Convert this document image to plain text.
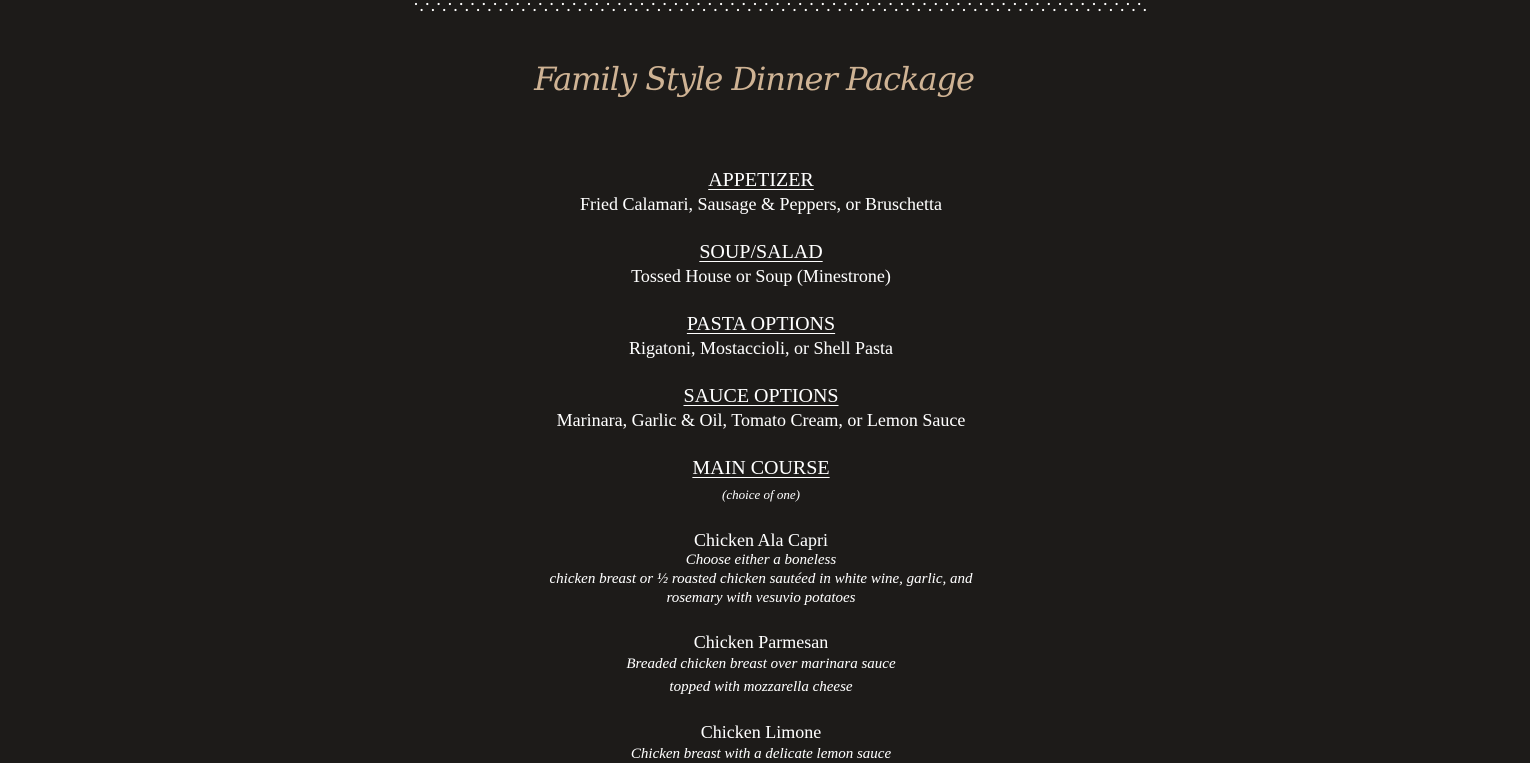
Family Style Dinner Package
APPETIZER

Fried Calamari, Sausage & Peppers, or Bruschetta

SOUP/SALAD

Tossed House or Soup (Minestrone)

PASTA OPTIONS

Rigatoni, Mostaccioli, or Shell Pasta

SAUCE OPTIONS

Marinara, Garlic & Oil, Tomato Cream, or Lemon Sauce

MAIN COURSE

(choice of one)

Chicken Ala Capri

Choose either a boneless

chicken breast or ½ roasted chicken sautéed in white wine, garlic, and

rosemary with vesuvio potatoes

Chicken Parmesan

Breaded chicken breast over marinara sauce

topped with mozzarella cheese

Chicken Limone

Chicken breast with a delicate lemon sauce
